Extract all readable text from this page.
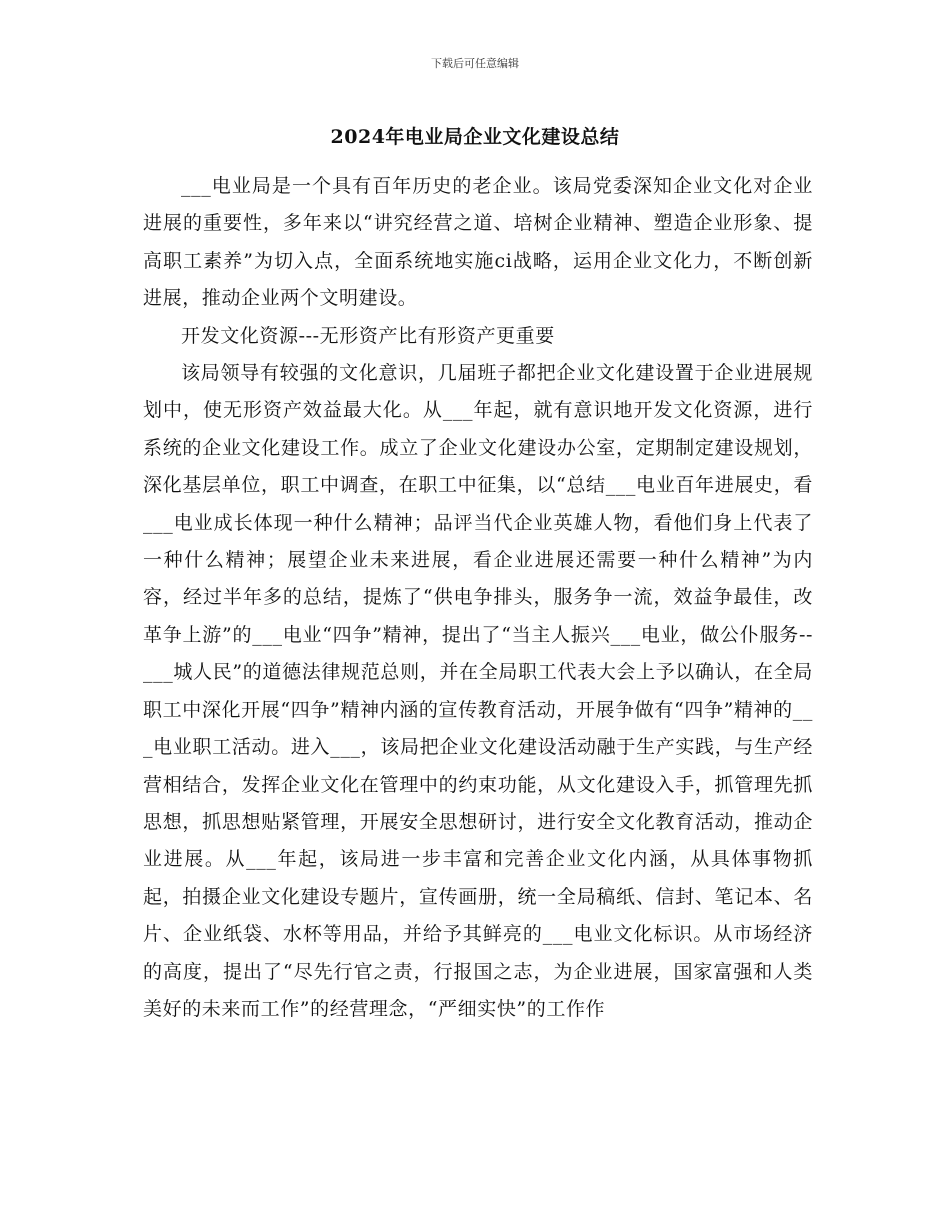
下载后可任意编辑
2024年电业局企业文化建设总结

___电业局是一个具有百年历史的老企业。该局党委深知企业文化对企业进展的重要性，多年来以“讲究经营之道、培树企业精神、塑造企业形象、提高职工素养”为切入点，全面系统地实施ci战略，运用企业文化力，不断创新进展，推动企业两个文明建设。

开发文化资源---无形资产比有形资产更重要

该局领导有较强的文化意识，几届班子都把企业文化建设置于企业进展规划中，使无形资产效益最大化。从___年起，就有意识地开发文化资源，进行系统的企业文化建设工作。成立了企业文化建设办公室，定期制定建设规划，深化基层单位，职工中调查，在职工中征集，以“总结___电业百年进展史，看___电业成长体现一种什么精神；品评当代企业英雄人物，看他们身上代表了一种什么精神；展望企业未来进展，看企业进展还需要一种什么精神”为内容，经过半年多的总结，提炼了“供电争排头，服务争一流，效益争最佳，改革争上游”的___电业“四争”精神，提出了“当主人振兴___电业，做公仆服务--___城人民”的道德法律规范总则，并在全局职工代表大会上予以确认，在全局职工中深化开展“四争”精神内涵的宣传教育活动，开展争做有“四争”精神的___电业职工活动。进入___，该局把企业文化建设活动融于生产实践，与生产经营相结合，发挥企业文化在管理中的约束功能，从文化建设入手，抓管理先抓思想，抓思想贴紧管理，开展安全思想研讨，进行安全文化教育活动，推动企业进展。从___年起，该局进一步丰富和完善企业文化内涵，从具体事物抓起，拍摄企业文化建设专题片，宣传画册，统一全局稿纸、信封、笔记本、名片、企业纸袋、水杯等用品，并给予其鲜亮的___电业文化标识。从市场经济的高度，提出了“尽先行官之责，行报国之志，为企业进展，国家富强和人类美好的未来而工作”的经营理念，“严细实快”的工作作
